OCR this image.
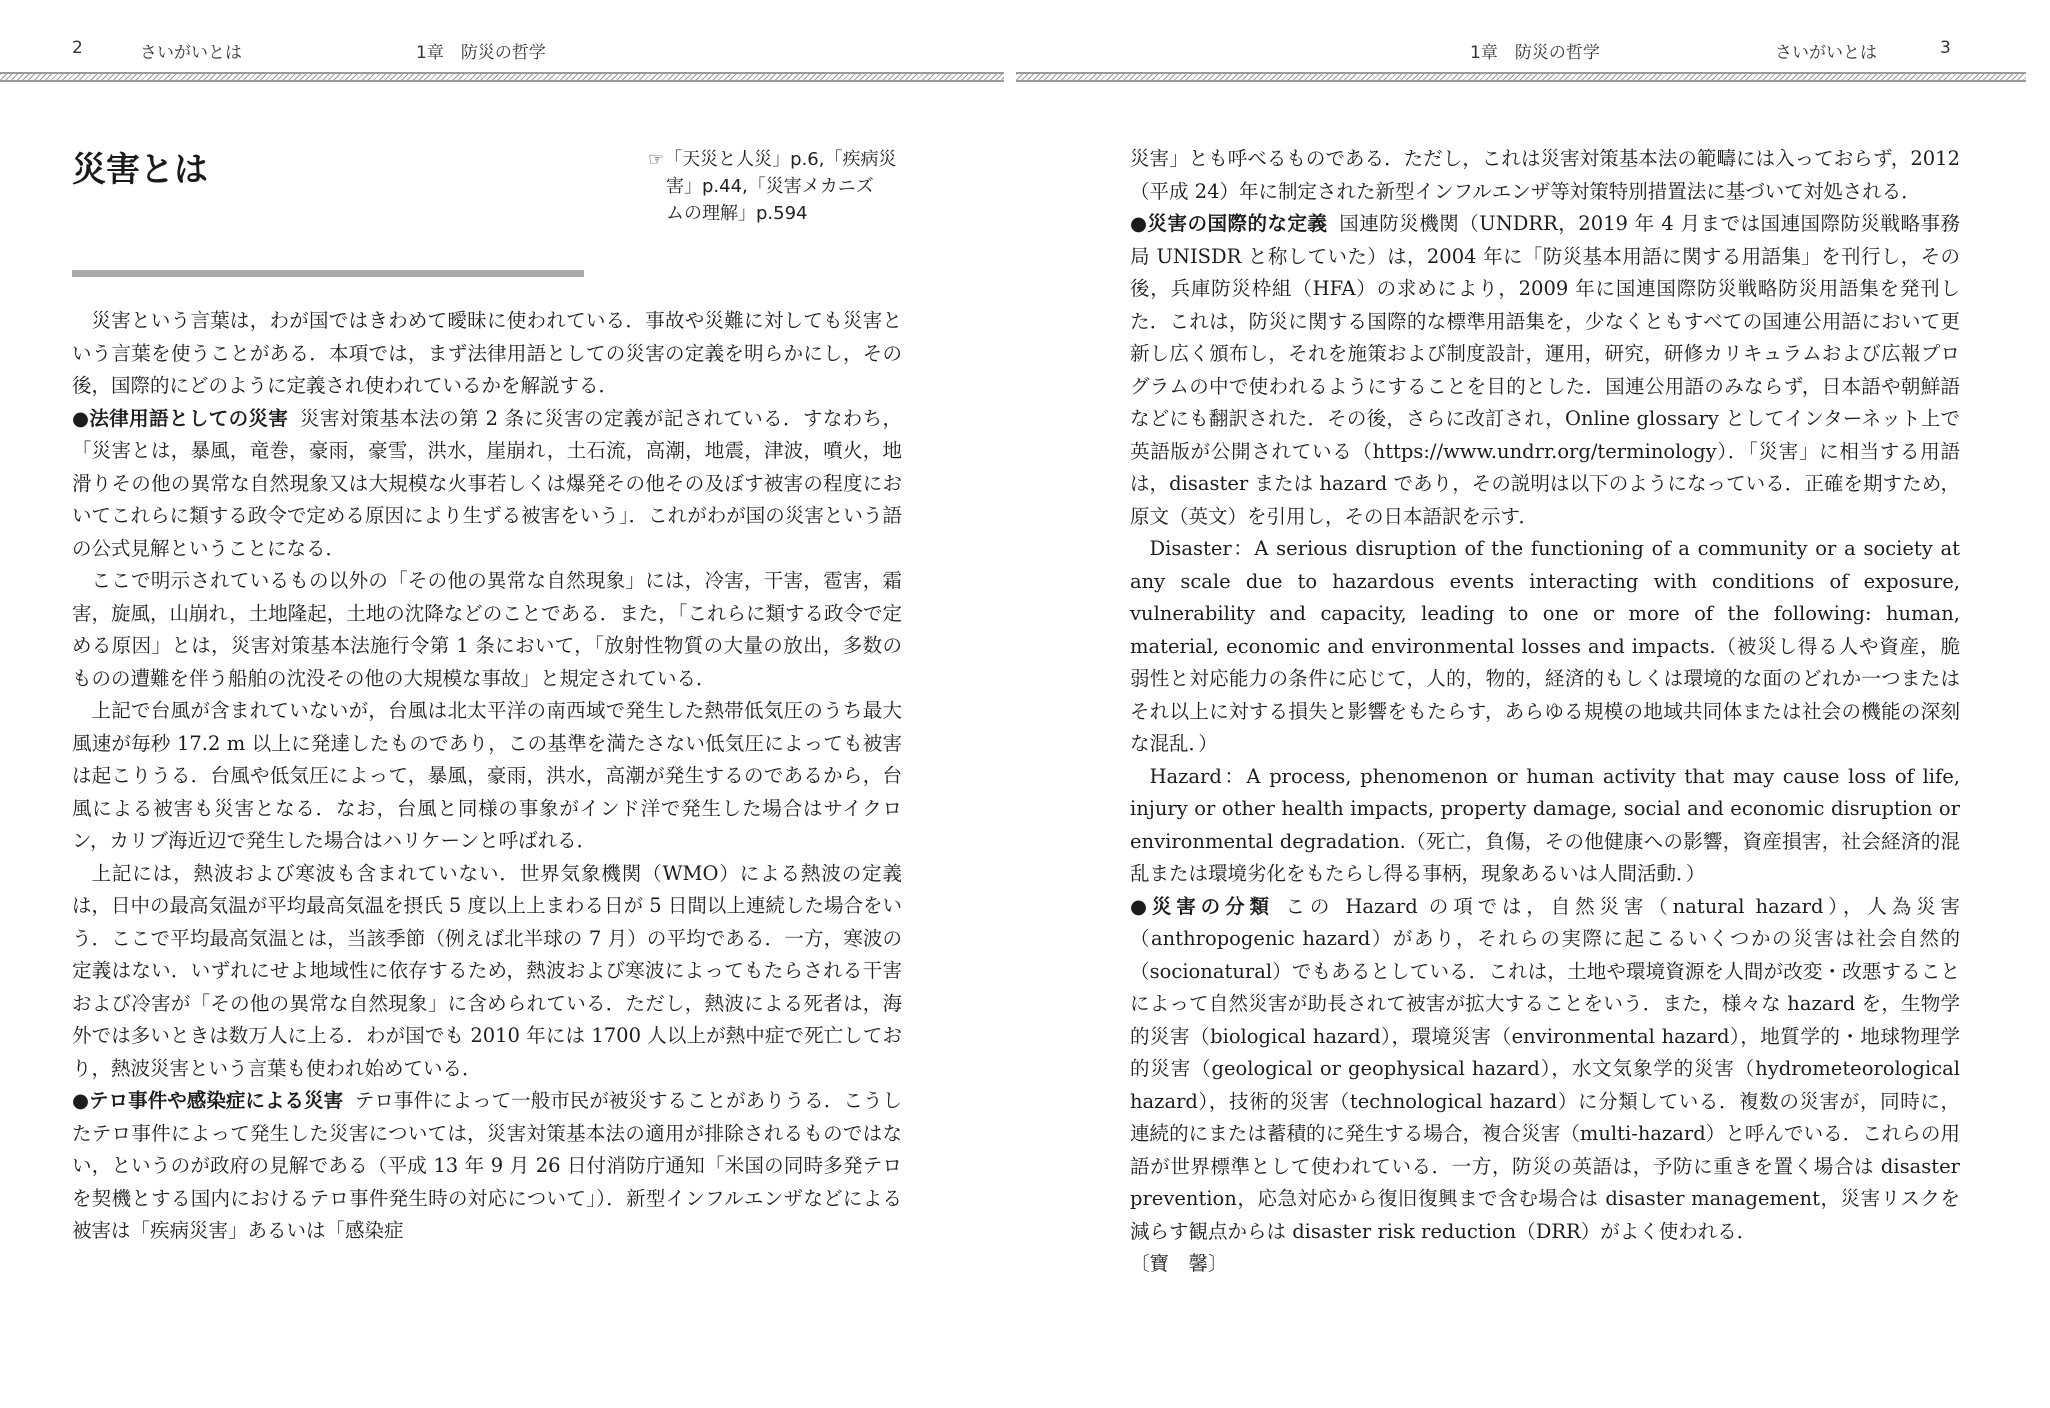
2	さいがいとは	1章　防災の哲学
災害とは	☞「天災と人災」p.6,「疾病災
害」p.44,「災害メカニズ
ムの理解」p.594

災害という言葉は，わが国ではきわめて曖昧に使われている．事故や災難に対しても災害という言葉を使うことがある．本項では，まず法律用語としての災害の定義を明らかにし，その後，国際的にどのように定義され使われているかを解説する．

●法律用語としての災害 災害対策基本法の第 2 条に災害の定義が記されている．すなわち，「災害とは，暴風，竜巻，豪雨，豪雪，洪水，崖崩れ，土石流，高潮，地震，津波，噴火，地滑りその他の異常な自然現象又は大規模な火事若しくは爆発その他その及ぼす被害の程度においてこれらに類する政令で定める原因により生ずる被害をいう」．これがわが国の災害という語の公式見解ということになる．

ここで明示されているもの以外の「その他の異常な自然現象」には，冷害，干害，雹害，霜害，旋風，山崩れ，土地隆起，土地の沈降などのことである．また，「これらに類する政令で定める原因」とは，災害対策基本法施行令第 1 条において，「放射性物質の大量の放出，多数のものの遭難を伴う船舶の沈没その他の大規模な事故」と規定されている．

上記で台風が含まれていないが，台風は北太平洋の南西域で発生した熱帯低気圧のうち最大風速が毎秒 17.2 m 以上に発達したものであり，この基準を満たさない低気圧によっても被害は起こりうる．台風や低気圧によって，暴風，豪雨，洪水，高潮が発生するのであるから，台風による被害も災害となる．なお，台風と同様の事象がインド洋で発生した場合はサイクロン，カリブ海近辺で発生した場合はハリケーンと呼ばれる．

上記には，熱波および寒波も含まれていない．世界気象機関（WMO）による熱波の定義は，日中の最高気温が平均最高気温を摂氏 5 度以上上まわる日が 5 日間以上連続した場合をいう．ここで平均最高気温とは，当該季節（例えば北半球の 7 月）の平均である．一方，寒波の定義はない．いずれにせよ地域性に依存するため，熱波および寒波によってもたらされる干害および冷害が「その他の異常な自然現象」に含められている．ただし，熱波による死者は，海外では多いときは数万人に上る．わが国でも 2010 年には 1700 人以上が熱中症で死亡しており，熱波災害という言葉も使われ始めている．

●テロ事件や感染症による災害 テロ事件によって一般市民が被災することがありうる．こうしたテロ事件によって発生した災害については，災害対策基本法の適用が排除されるものではない，というのが政府の見解である（平成 13 年 9 月 26 日付消防庁通知「米国の同時多発テロを契機とする国内におけるテロ事件発生時の対応について」）．新型インフルエンザなどによる被害は「疾病災害」あるいは「感染症

1章　防災の哲学	さいがいとは	3

災害」とも呼べるものである．ただし，これは災害対策基本法の範疇には入っておらず，2012（平成 24）年に制定された新型インフルエンザ等対策特別措置法に基づいて対処される．

●災害の国際的な定義 国連防災機関（UNDRR，2019 年 4 月までは国連国際防災戦略事務局 UNISDR と称していた）は，2004 年に「防災基本用語に関する用語集」を刊行し，その後，兵庫防災枠組（HFA）の求めにより，2009 年に国連国際防災戦略防災用語集を発刊した．これは，防災に関する国際的な標準用語集を，少なくともすべての国連公用語において更新し広く頒布し，それを施策および制度設計，運用，研究，研修カリキュラムおよび広報プログラムの中で使われるようにすることを目的とした．国連公用語のみならず，日本語や朝鮮語などにも翻訳された．その後，さらに改訂され，Online glossary としてインターネット上で英語版が公開されている（https://www.undrr.org/terminology）．「災害」に相当する用語は，disaster または hazard であり，その説明は以下のようになっている．正確を期すため，原文（英文）を引用し，その日本語訳を示す．

Disaster：A serious disruption of the functioning of a community or a society at any scale due to hazardous events interacting with conditions of exposure, vulnerability and capacity, leading to one or more of the following: human, material, economic and environmental losses and impacts.（被災し得る人や資産，脆弱性と対応能力の条件に応じて，人的，物的，経済的もしくは環境的な面のどれか一つまたはそれ以上に対する損失と影響をもたらす，あらゆる規模の地域共同体または社会の機能の深刻な混乱．）

Hazard：A process, phenomenon or human activity that may cause loss of life, injury or other health impacts, property damage, social and economic disruption or environmental degradation.（死亡，負傷，その他健康への影響，資産損害，社会経済的混乱または環境劣化をもたらし得る事柄，現象あるいは人間活動．）

●災害の分類 この Hazard の項では，自然災害（natural hazard），人為災害（anthropogenic hazard）があり，それらの実際に起こるいくつかの災害は社会自然的（socionatural）でもあるとしている．これは，土地や環境資源を人間が改変・改悪することによって自然災害が助長されて被害が拡大することをいう．また，様々な hazard を，生物学的災害（biological hazard），環境災害（environmental hazard），地質学的・地球物理学的災害（geological or geophysical hazard），水文気象学的災害（hydrometeorological hazard），技術的災害（technological hazard）に分類している．複数の災害が，同時に，連続的にまたは蓄積的に発生する場合，複合災害（multi-hazard）と呼んでいる．これらの用語が世界標準として使われている．一方，防災の英語は，予防に重きを置く場合は disaster prevention，応急対応から復旧復興まで含む場合は disaster management，災害リスクを減らす観点からは disaster risk reduction（DRR）がよく使われる．

〔寶　馨〕
